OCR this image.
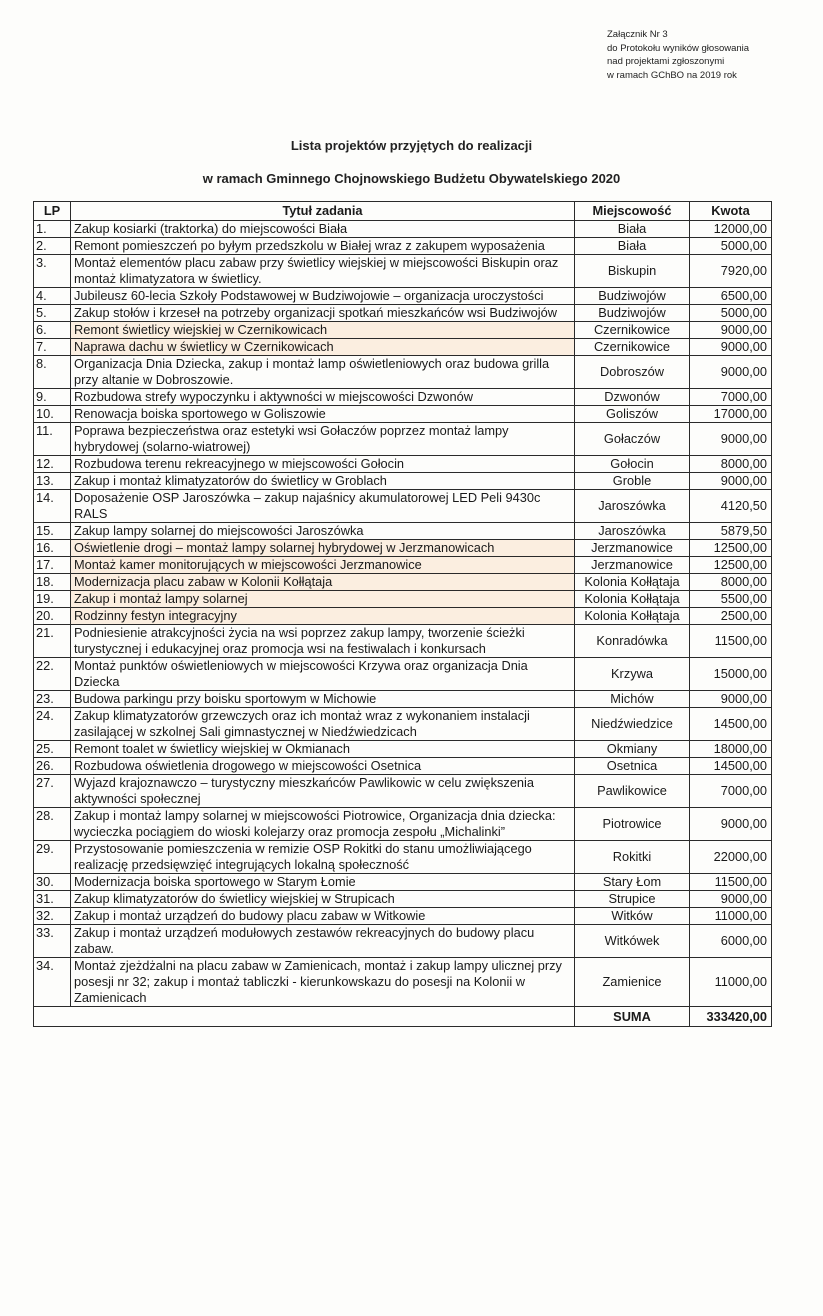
Załącznik Nr 3
do Protokołu wyników głosowania
nad projektami zgłoszonymi
w ramach GChBO na 2019 rok
Lista projektów przyjętych do realizacji
w ramach Gminnego Chojnowskiego Budżetu Obywatelskiego 2020
LP	Tytuł zadania	Miejscowość	Kwota
1.	Zakup kosiarki (traktorka) do miejscowości Biała	Biała	12000,00
2.	Remont pomieszczeń po byłym przedszkolu w Białej wraz z zakupem wyposażenia	Biała	5000,00
3.	Montaż elementów placu zabaw przy świetlicy wiejskiej w miejscowości Biskupin oraz montaż klimatyzatora w świetlicy.	Biskupin	7920,00
4.	Jubileusz 60-lecia Szkoły Podstawowej w Budziwojowie – organizacja uroczystości	Budziwojów	6500,00
5.	Zakup stołów i krzeseł na potrzeby organizacji spotkań mieszkańców wsi Budziwojów	Budziwojów	5000,00
6.	Remont świetlicy wiejskiej w Czernikowicach	Czernikowice	9000,00
7.	Naprawa dachu w świetlicy w Czernikowicach	Czernikowice	9000,00
8.	Organizacja Dnia Dziecka, zakup i montaż lamp oświetleniowych oraz budowa grilla przy altanie w Dobroszowie.	Dobroszów	9000,00
9.	Rozbudowa strefy wypoczynku i aktywności w miejscowości Dzwonów	Dzwonów	7000,00
10.	Renowacja boiska sportowego w Goliszowie	Goliszów	17000,00
11.	Poprawa bezpieczeństwa oraz estetyki wsi Gołaczów poprzez montaż lampy hybrydowej (solarno-wiatrowej)	Gołaczów	9000,00
12.	Rozbudowa terenu rekreacyjnego w miejscowości Gołocin	Gołocin	8000,00
13.	Zakup i montaż klimatyzatorów do świetlicy w Groblach	Groble	9000,00
14.	Doposażenie OSP Jaroszówka – zakup najaśnicy akumulatorowej LED Peli 9430c RALS	Jaroszówka	4120,50
15.	Zakup lampy solarnej do miejscowości Jaroszówka	Jaroszówka	5879,50
16.	Oświetlenie drogi – montaż lampy solarnej hybrydowej w Jerzmanowicach	Jerzmanowice	12500,00
17.	Montaż kamer monitorujących w miejscowości Jerzmanowice	Jerzmanowice	12500,00
18.	Modernizacja placu zabaw w Kolonii Kołłątaja	Kolonia Kołłątaja	8000,00
19.	Zakup i montaż lampy solarnej	Kolonia Kołłątaja	5500,00
20.	Rodzinny festyn integracyjny	Kolonia Kołłątaja	2500,00
21.	Podniesienie atrakcyjności życia na wsi poprzez zakup lampy, tworzenie ścieżki turystycznej i edukacyjnej oraz promocja wsi na festiwalach i konkursach	Konradówka	11500,00
22.	Montaż punktów oświetleniowych w miejscowości Krzywa oraz organizacja Dnia Dziecka	Krzywa	15000,00
23.	Budowa parkingu przy boisku sportowym w Michowie	Michów	9000,00
24.	Zakup klimatyzatorów grzewczych oraz ich montaż wraz z wykonaniem instalacji zasilającej w szkolnej Sali gimnastycznej w Niedźwiedzicach	Niedźwiedzice	14500,00
25.	Remont toalet w świetlicy wiejskiej w Okmianach	Okmiany	18000,00
26.	Rozbudowa oświetlenia drogowego w miejscowości Osetnica	Osetnica	14500,00
27.	Wyjazd krajoznawczo – turystyczny mieszkańców Pawlikowic w celu zwiększenia aktywności społecznej	Pawlikowice	7000,00
28.	Zakup i montaż lampy solarnej w miejscowości Piotrowice, Organizacja dnia dziecka: wycieczka pociągiem do wioski kolejarzy oraz promocja zespołu „Michalinki”	Piotrowice	9000,00
29.	Przystosowanie pomieszczenia w remizie OSP Rokitki do stanu umożliwiającego realizację przedsięwzięć integrujących lokalną społeczność	Rokitki	22000,00
30.	Modernizacja boiska sportowego w Starym Łomie	Stary Łom	11500,00
31.	Zakup klimatyzatorów do świetlicy wiejskiej w Strupicach	Strupice	9000,00
32.	Zakup i montaż urządzeń do budowy placu zabaw w Witkowie	Witków	11000,00
33.	Zakup i montaż urządzeń modułowych zestawów rekreacyjnych do budowy placu zabaw.	Witkówek	6000,00
34.	Montaż zjeżdżalni na placu zabaw w Zamienicach, montaż i zakup lampy ulicznej przy posesji nr 32; zakup i montaż tabliczki - kierunkowskazu do posesji na Kolonii w Zamienicach	Zamienice	11000,00
		SUMA	333420,00
